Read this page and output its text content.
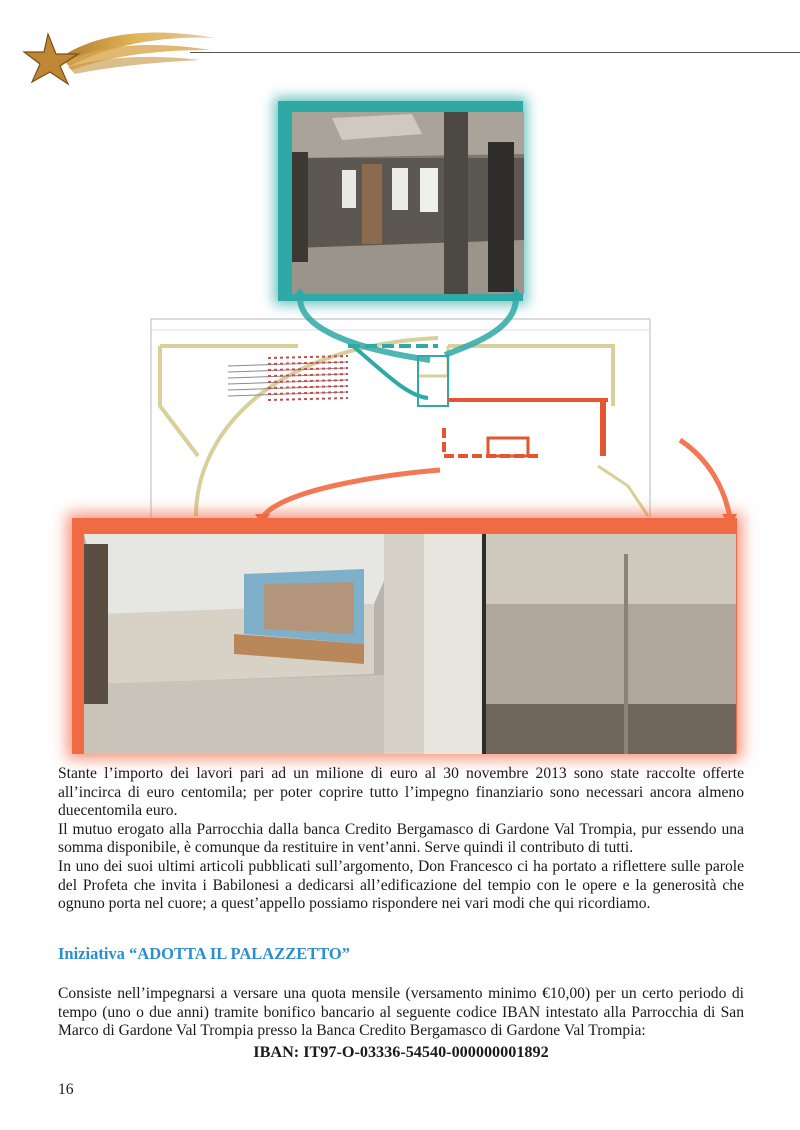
Stante l’importo dei lavori pari ad un milione di euro al 30 novembre 2013 sono state raccolte offerte all’incirca di euro centomila; per poter coprire tutto l’impegno finanziario sono necessari ancora almeno duecentomila euro.

Il mutuo erogato alla Parrocchia dalla banca Credito Bergamasco di Gardone Val Trompia, pur essendo una somma disponibile, è comunque da restituire in vent’anni. Serve quindi il contributo di tutti.

In uno dei suoi ultimi articoli pubblicati sull’argomento, Don Francesco ci ha portato a riflettere sulle parole del Profeta che invita i Babilonesi a dedicarsi all’edificazione del tempio con le opere e la generosità che ognuno porta nel cuore; a quest’appello possiamo rispondere nei vari modi che qui ricordiamo.

Iniziativa “ADOTTA IL PALAZZETTO”

Consiste nell’impegnarsi a versare una quota mensile (versamento minimo €10,00) per un certo periodo di tempo (uno o due anni) tramite bonifico bancario al seguente codice IBAN intestato alla Parrocchia di San Marco di Gardone Val Trompia presso la Banca Credito Bergamasco di Gardone Val Trompia:

IBAN: IT97-O-03336-54540-000000001892

16
